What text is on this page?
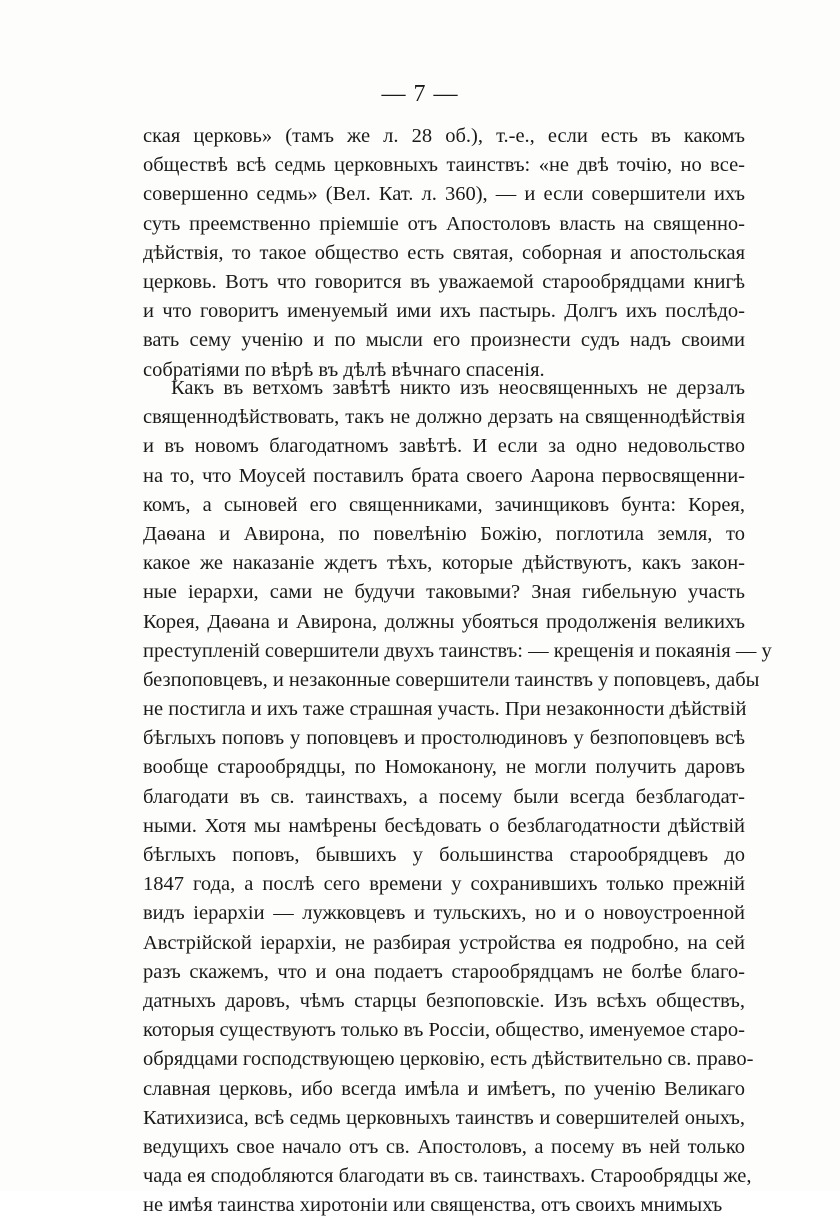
— 7 —
ская церковь» (тамъ же л. 28 об.), т.-е., если есть въ какомъ
обществѣ всѣ седмь церковныхъ таинствъ: «не двѣ точію, но все-
совершенно седмь» (Вел. Кат. л. 360), — и если совершители ихъ
суть преемственно пріемшіе отъ Апостоловъ власть на священно-
дѣйствія, то такое общество есть святая, соборная и апостольская
церковь. Вотъ что говорится въ уважаемой старообрядцами книгѣ
и что говоритъ именуемый ими ихъ пастырь. Долгъ ихъ послѣдо-
вать сему ученію и по мысли его произнести судъ надъ своими
собратіями по вѣрѣ въ дѣлѣ вѣчнаго спасенія.
Какъ въ ветхомъ завѣтѣ никто изъ неосвященныхъ не дерзалъ
священнодѣйствовать, такъ не должно дерзать на священнодѣйствія
и въ новомъ благодатномъ завѣтѣ. И если за одно недовольство
на то, что Моусей поставилъ брата своего Аарона первосвященни-
комъ, а сыновей его священниками, зачинщиковъ бунта: Корея,
Даѳана и Авирона, по повелѣнію Божію, поглотила земля, то
какое же наказаніе ждетъ тѣхъ, которые дѣйствуютъ, какъ закон-
ные іерархи, сами не будучи таковыми? Зная гибельную участь
Корея, Даѳана и Авирона, должны убояться продолженія великихъ
преступленій совершители двухъ таинствъ: — крещенія и покаянія — у
безпоповцевъ, и незаконные совершители таинствъ у поповцевъ, дабы
не постигла и ихъ таже страшная участь. При незаконности дѣйствій
бѣглыхъ поповъ у поповцевъ и простолюдиновъ у безпоповцевъ всѣ
вообще старообрядцы, по Номоканону, не могли получить даровъ
благодати въ св. таинствахъ, а посему были всегда безблагодат-
ными. Хотя мы намѣрены бесѣдовать о безблагодатности дѣйствій
бѣглыхъ поповъ, бывшихъ у большинства старообрядцевъ до
1847 года, а послѣ сего времени у сохранившихъ только прежній
видъ іерархіи — лужковцевъ и тульскихъ, но и о новоустроенной
Австрійской іерархіи, не разбирая устройства ея подробно, на сей
разъ скажемъ, что и она подаетъ старообрядцамъ не болѣе благо-
датныхъ даровъ, чѣмъ старцы безпоповскіе. Изъ всѣхъ обществъ,
которыя существуютъ только въ Россіи, общество, именуемое старо-
обрядцами господствующею церковію, есть дѣйствительно св. право-
славная церковь, ибо всегда имѣла и имѣетъ, по ученію Великаго
Катихизиса, всѣ седмь церковныхъ таинствъ и совершителей оныхъ,
ведущихъ свое начало отъ св. Апостоловъ, а посему въ ней только
чада ея сподобляются благодати въ св. таинствахъ. Старообрядцы же,
не имѣя таинства хиротоніи или священства, отъ своихъ мнимыхъ
